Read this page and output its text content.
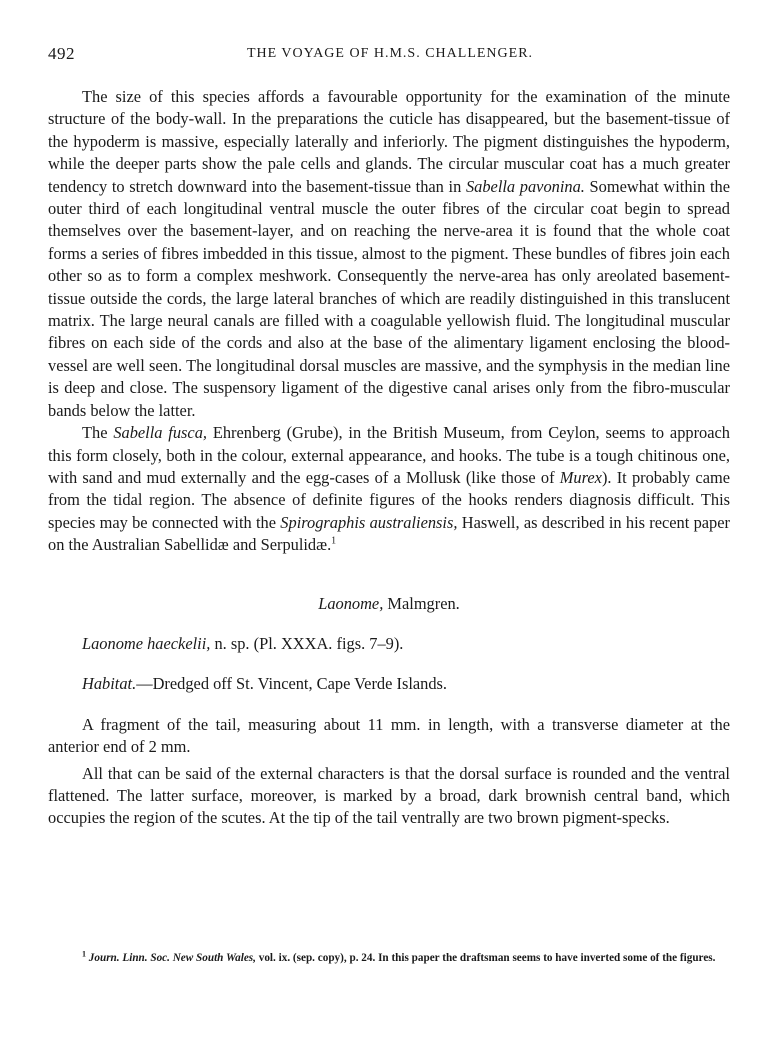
492	THE VOYAGE OF H.M.S. CHALLENGER.

The size of this species affords a favourable opportunity for the examination of the minute structure of the body-wall. In the preparations the cuticle has disappeared, but the basement-tissue of the hypoderm is massive, especially laterally and inferiorly. The pigment distinguishes the hypoderm, while the deeper parts show the pale cells and glands. The circular muscular coat has a much greater tendency to stretch downward into the basement-tissue than in Sabella pavonina. Somewhat within the outer third of each longitudinal ventral muscle the outer fibres of the circular coat begin to spread themselves over the basement-layer, and on reaching the nerve-area it is found that the whole coat forms a series of fibres imbedded in this tissue, almost to the pigment. These bundles of fibres join each other so as to form a complex meshwork. Consequently the nerve-area has only areolated basement-tissue outside the cords, the large lateral branches of which are readily distinguished in this translucent matrix. The large neural canals are filled with a coagulable yellowish fluid. The longitudinal muscular fibres on each side of the cords and also at the base of the alimentary ligament enclosing the blood-vessel are well seen. The longitudinal dorsal muscles are massive, and the symphysis in the median line is deep and close. The suspensory ligament of the digestive canal arises only from the fibro-muscular bands below the latter.

The Sabella fusca, Ehrenberg (Grube), in the British Museum, from Ceylon, seems to approach this form closely, both in the colour, external appearance, and hooks. The tube is a tough chitinous one, with sand and mud externally and the egg-cases of a Mollusk (like those of Murex). It probably came from the tidal region. The absence of definite figures of the hooks renders diagnosis difficult. This species may be connected with the Spirographis australiensis, Haswell, as described in his recent paper on the Australian Sabellidæ and Serpulidæ.$^1$

Laonome, Malmgren.

Laonome haeckelii, n. sp. (Pl. XXXA. figs. 7–9).

Habitat.—Dredged off St. Vincent, Cape Verde Islands.

A fragment of the tail, measuring about 11 mm. in length, with a transverse diameter at the anterior end of 2 mm.

All that can be said of the external characters is that the dorsal surface is rounded and the ventral flattened. The latter surface, moreover, is marked by a broad, dark brownish central band, which occupies the region of the scutes. At the tip of the tail ventrally are two brown pigment-specks.

$^1$ Journ. Linn. Soc. New South Wales, vol. ix. (sep. copy), p. 24. In this paper the draftsman seems to have inverted some of the figures.
